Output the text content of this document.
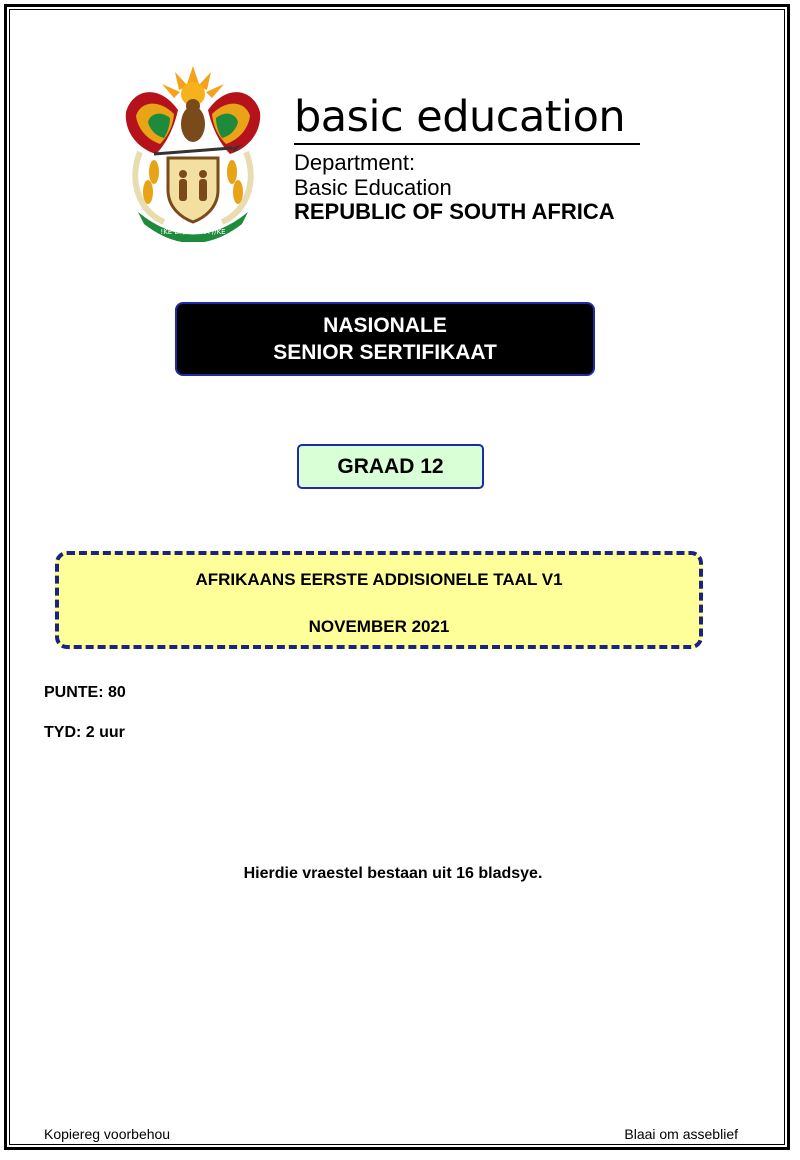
!KE E: /XARRA //KE
basic education
Department:
Basic Education
REPUBLIC OF SOUTH AFRICA
NASIONALE
SENIOR SERTIFIKAAT
GRAAD 12
AFRIKAANS EERSTE ADDISIONELE TAAL V1
NOVEMBER 2021
PUNTE: 80
TYD: 2 uur
Hierdie vraestel bestaan uit 16 bladsye.
Kopiereg voorbehou	Blaai om asseblief
